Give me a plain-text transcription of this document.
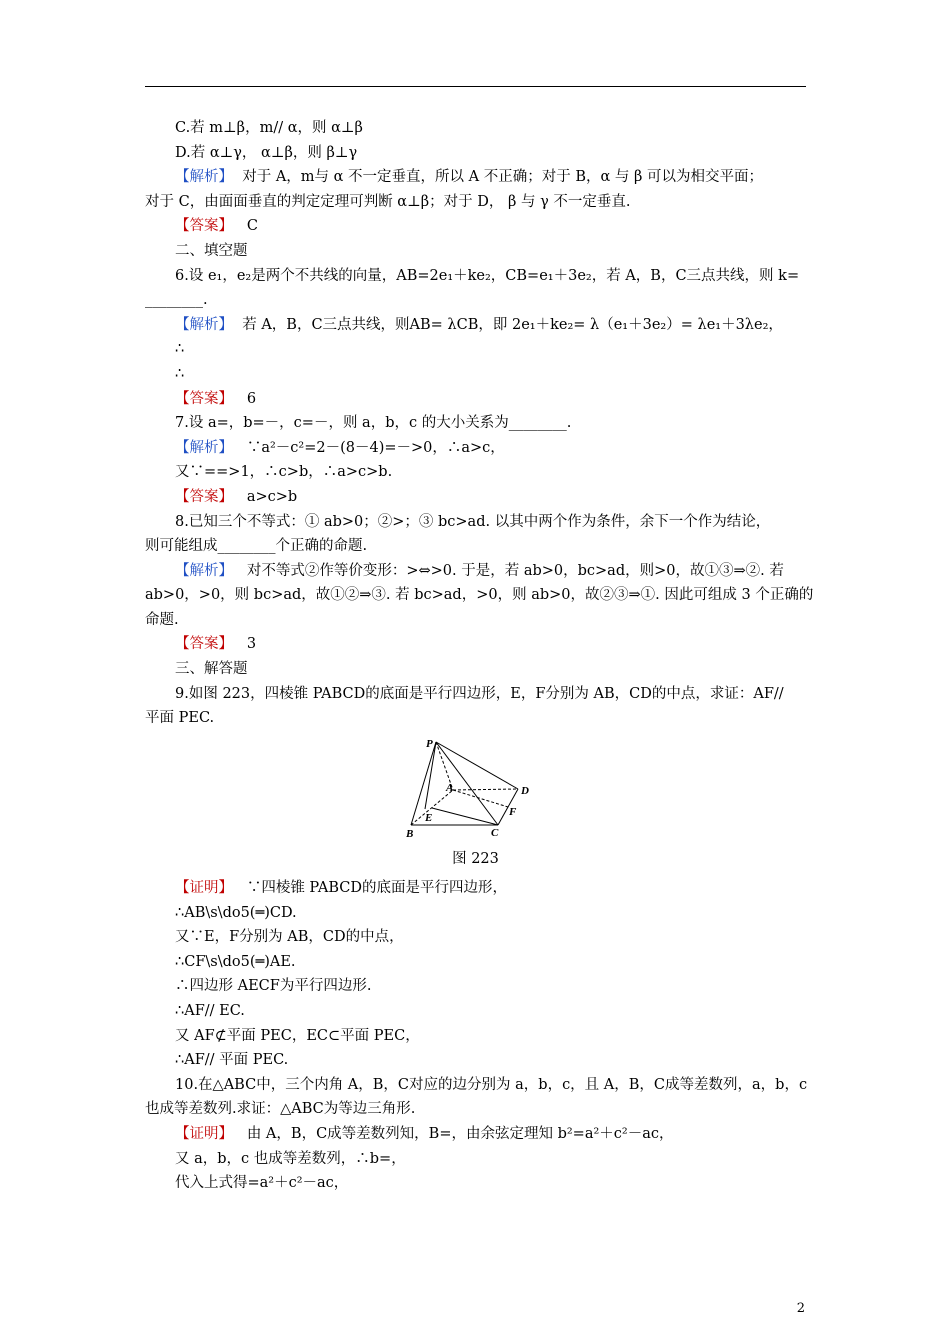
C.若 m⊥β，m// α，则 α⊥β
D.若 α⊥γ， α⊥β，则 β⊥γ
【解析】 对于 A，m与 α 不一定垂直，所以 A 不正确；对于 B，α 与 β 可以为相交平面；
对于 C，由面面垂直的判定定理可判断 α⊥β；对于 D， β 与 γ 不一定垂直.
【答案】 C
二、填空题
6.设 e₁，e₂是两个不共线的向量，AB=2e₁＋ke₂，CB=e₁＋3e₂，若 A，B，C三点共线，则 k=
________.
【解析】 若 A，B，C三点共线，则AB= λCB，即 2e₁＋ke₂= λ（e₁＋3e₂）= λe₁＋3λe₂，
∴
∴
【答案】 6
7.设 a=，b=－，c=－，则 a，b，c 的大小关系为________.
【解析】 ∵a²－c²=2－(8－4)=－>0，∴a>c，
又∵==>1，∴c>b，∴a>c>b.
【答案】 a>c>b
8.已知三个不等式：① ab>0；②>；③ bc>ad. 以其中两个作为条件，余下一个作为结论，
则可能组成________个正确的命题.
【解析】 对不等式②作等价变形：>⇔>0. 于是，若 ab>0，bc>ad，则>0，故①③⇒②. 若
ab>0，>0，则 bc>ad，故①②⇒③. 若 bc>ad，>0，则 ab>0，故②③⇒①. 因此可组成 3 个正确的
命题.
【答案】 3
三、解答题
9.如图 223，四棱锥 PABCD的底面是平行四边形，E，F分别为 AB，CD的中点，求证：AF//
平面 PEC.
P
A
B	C
D
E	F
图 223
【证明】 ∵四棱锥 PABCD的底面是平行四边形，
∴AB\s\do5(═)CD.
又∵E，F分别为 AB，CD的中点，
∴CF\s\do5(═)AE.
∴四边形 AECF为平行四边形.
∴AF// EC.
又 AF⊄平面 PEC，EC⊂平面 PEC，
∴AF// 平面 PEC.
10.在△ABC中，三个内角 A，B，C对应的边分别为 a，b，c，且 A，B，C成等差数列，a，b，c
也成等差数列.求证：△ABC为等边三角形.
【证明】 由 A，B，C成等差数列知，B=，由余弦定理知 b²=a²＋c²－ac，
又 a，b，c 也成等差数列，∴b=，
代入上式得=a²＋c²－ac，
2
